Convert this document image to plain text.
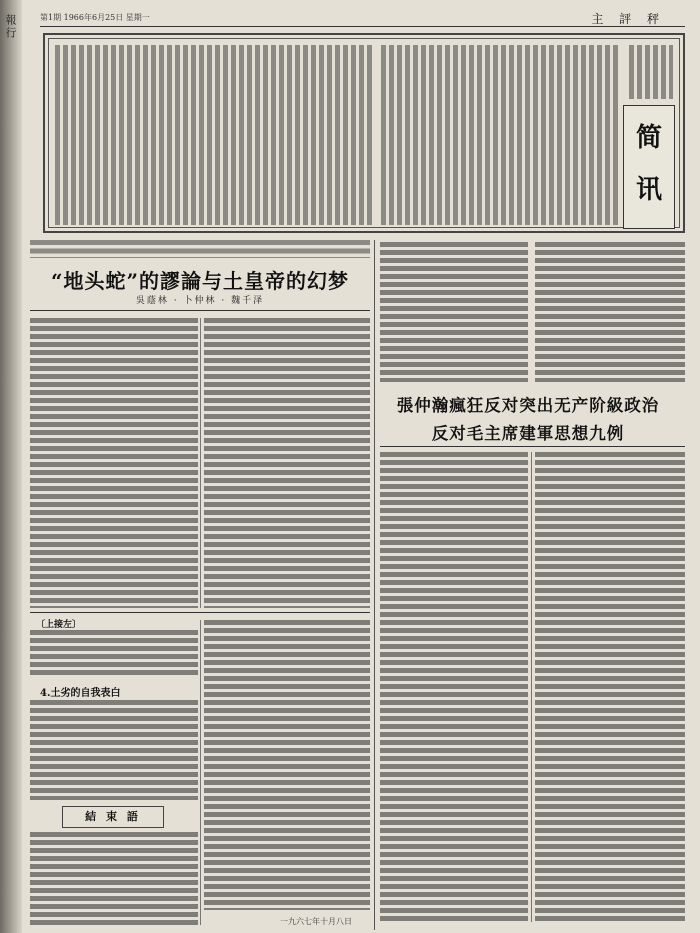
報行	第1期 1966年6月25日 星期一	主 評 秤
简
讯
“地头蛇”的謬論与土皇帝的幻梦
吳蔭林 · 卜仲林 · 魏千泽
〔上接左〕
4.土劣的自我表白
結 束 語
一九六七年十月八日
張仲瀚瘋狂反对突出无产阶級政治
反对毛主席建軍思想九例
